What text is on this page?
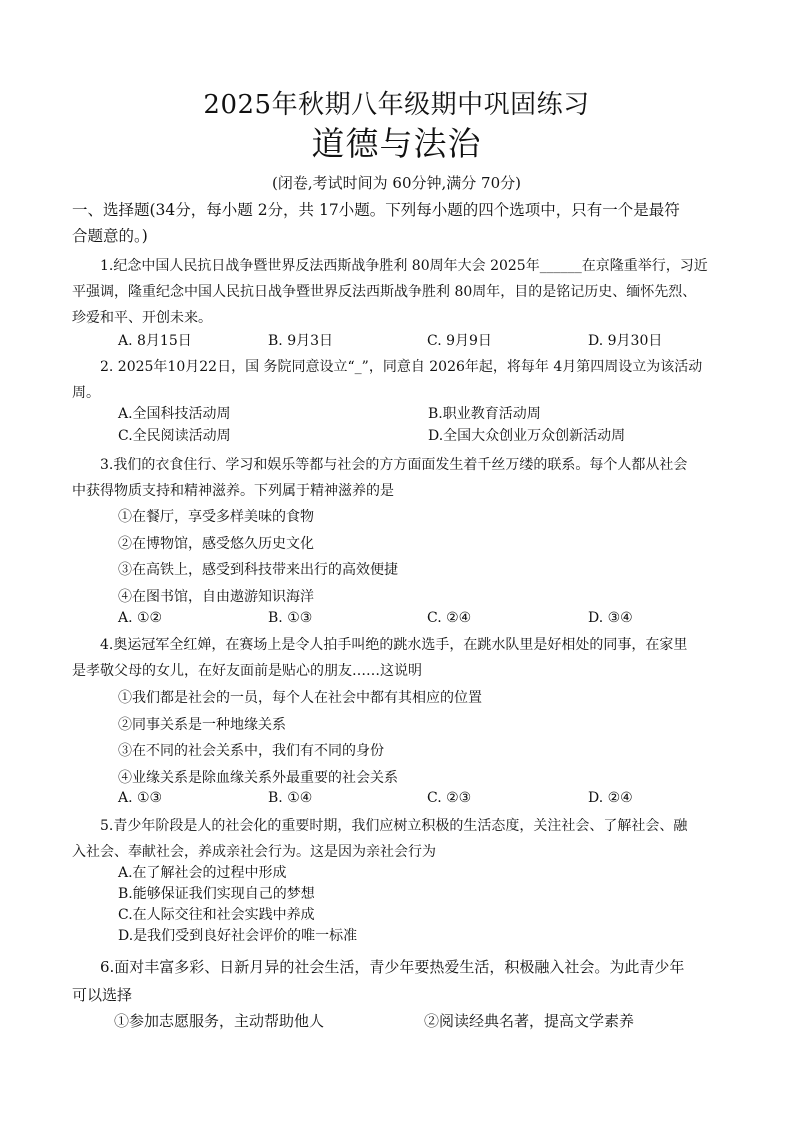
2025年秋期八年级期中巩固练习
道德与法治
(闭卷,考试时间为 60分钟,满分 70分)
一、选择题(34分，每小题 2分，共 17小题。下列每小题的四个选项中，只有一个是最符
合题意的。)
1.纪念中国人民抗日战争暨世界反法西斯战争胜利 80周年大会 2025年______在京隆重举行，习近
平强调，隆重纪念中国人民抗日战争暨世界反法西斯战争胜利 80周年，目的是铭记历史、缅怀先烈、
珍爱和平、开创未来。
A. 8月15日	B. 9月3日	C. 9月9日	D. 9月30日
2. 2025年10月22日，国 务院同意设立“_”，同意自 2026年起，将每年 4月第四周设立为该活动
周。
A.全国科技活动周	B.职业教育活动周
C.全民阅读活动周	D.全国大众创业万众创新活动周
3.我们的衣食住行、学习和娱乐等都与社会的方方面面发生着千丝万缕的联系。每个人都从社会
中获得物质支持和精神滋养。下列属于精神滋养的是
①在餐厅，享受多样美味的食物
②在博物馆，感受悠久历史文化
③在高铁上，感受到科技带来出行的高效便捷
④在图书馆，自由遨游知识海洋
A. ①②	B. ①③	C. ②④	D. ③④
4.奥运冠军全红婵，在赛场上是令人拍手叫绝的跳水选手，在跳水队里是好相处的同事，在家里
是孝敬父母的女儿，在好友面前是贴心的朋友……这说明
①我们都是社会的一员，每个人在社会中都有其相应的位置
②同事关系是一种地缘关系
③在不同的社会关系中，我们有不同的身份
④业缘关系是除血缘关系外最重要的社会关系
A. ①③	B. ①④	C. ②③	D. ②④
5.青少年阶段是人的社会化的重要时期，我们应树立积极的生活态度，关注社会、了解社会、融
入社会、奉献社会，养成亲社会行为。这是因为亲社会行为
A.在了解社会的过程中形成
B.能够保证我们实现自己的梦想
C.在人际交往和社会实践中养成
D.是我们受到良好社会评价的唯一标准
6.面对丰富多彩、日新月异的社会生活，青少年要热爱生活，积极融入社会。为此青少年
可以选择
①参加志愿服务，主动帮助他人	②阅读经典名著，提高文学素养
